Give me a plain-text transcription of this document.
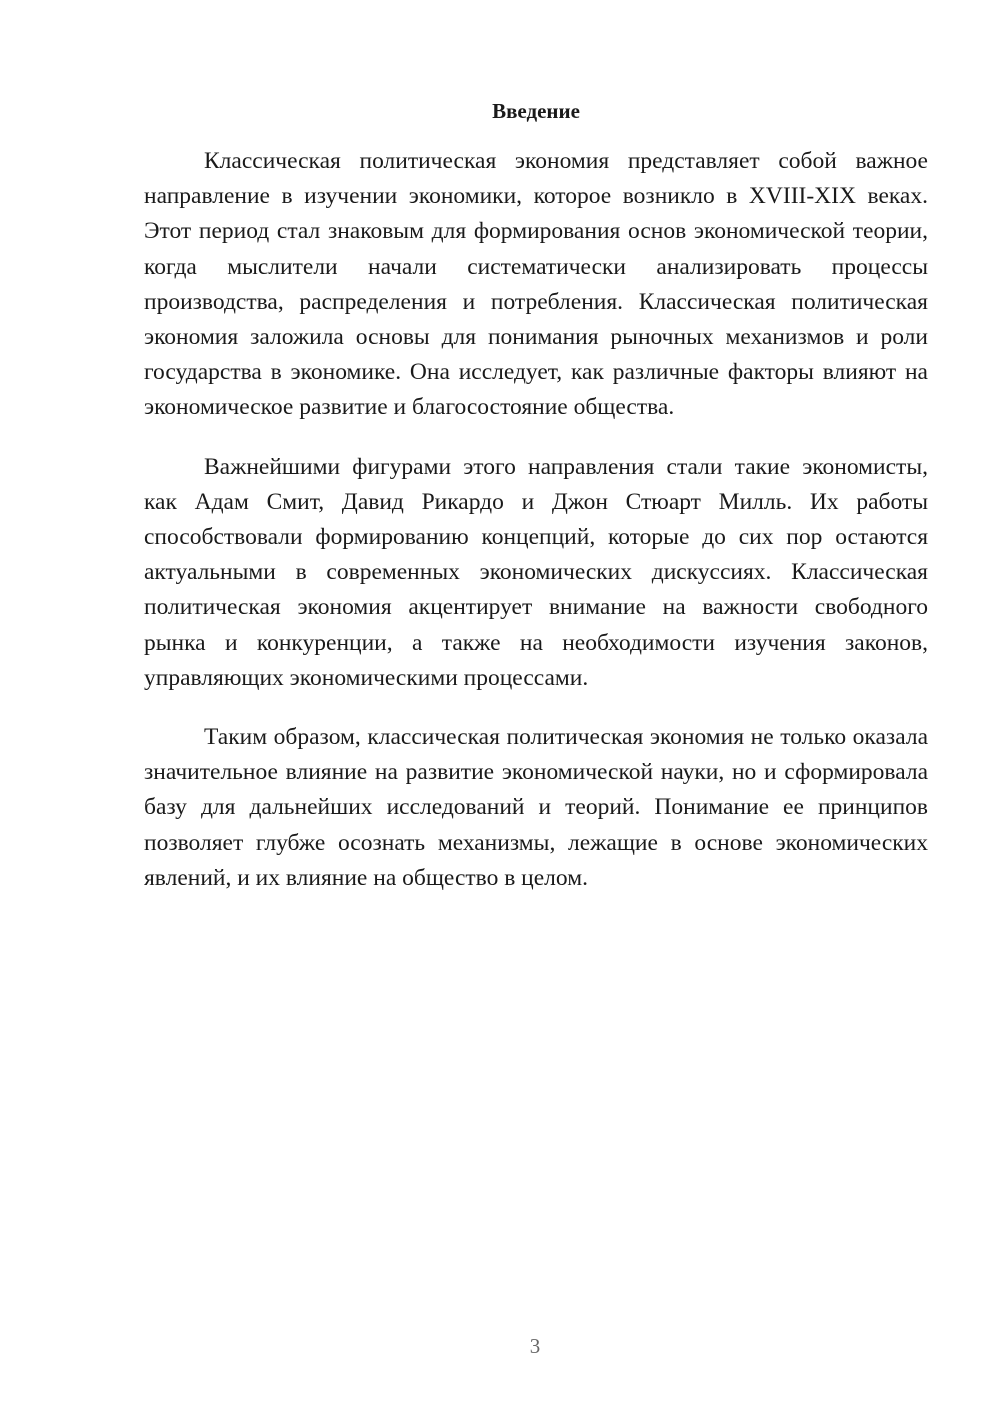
Введение

Классическая политическая экономия представляет собой важное направление в изучении экономики, которое возникло в XVIII-XIX веках. Этот период стал знаковым для формирования основ экономической теории, когда мыслители начали систематически анализировать процессы производства, распределения и потребления. Классическая политическая экономия заложила основы для понимания рыночных механизмов и роли государства в экономике. Она исследует, как различные факторы влияют на экономическое развитие и благосостояние общества.

Важнейшими фигурами этого направления стали такие экономисты, как Адам Смит, Давид Рикардо и Джон Стюарт Милль. Их работы способствовали формированию концепций, которые до сих пор остаются актуальными в современных экономических дискуссиях. Классическая политическая экономия акцентирует внимание на важности свободного рынка и конкуренции, а также на необходимости изучения законов, управляющих экономическими процессами.

Таким образом, классическая политическая экономия не только оказала значительное влияние на развитие экономической науки, но и сформировала базу для дальнейших исследований и теорий. Понимание ее принципов позволяет глубже осознать механизмы, лежащие в основе экономических явлений, и их влияние на общество в целом.

3
